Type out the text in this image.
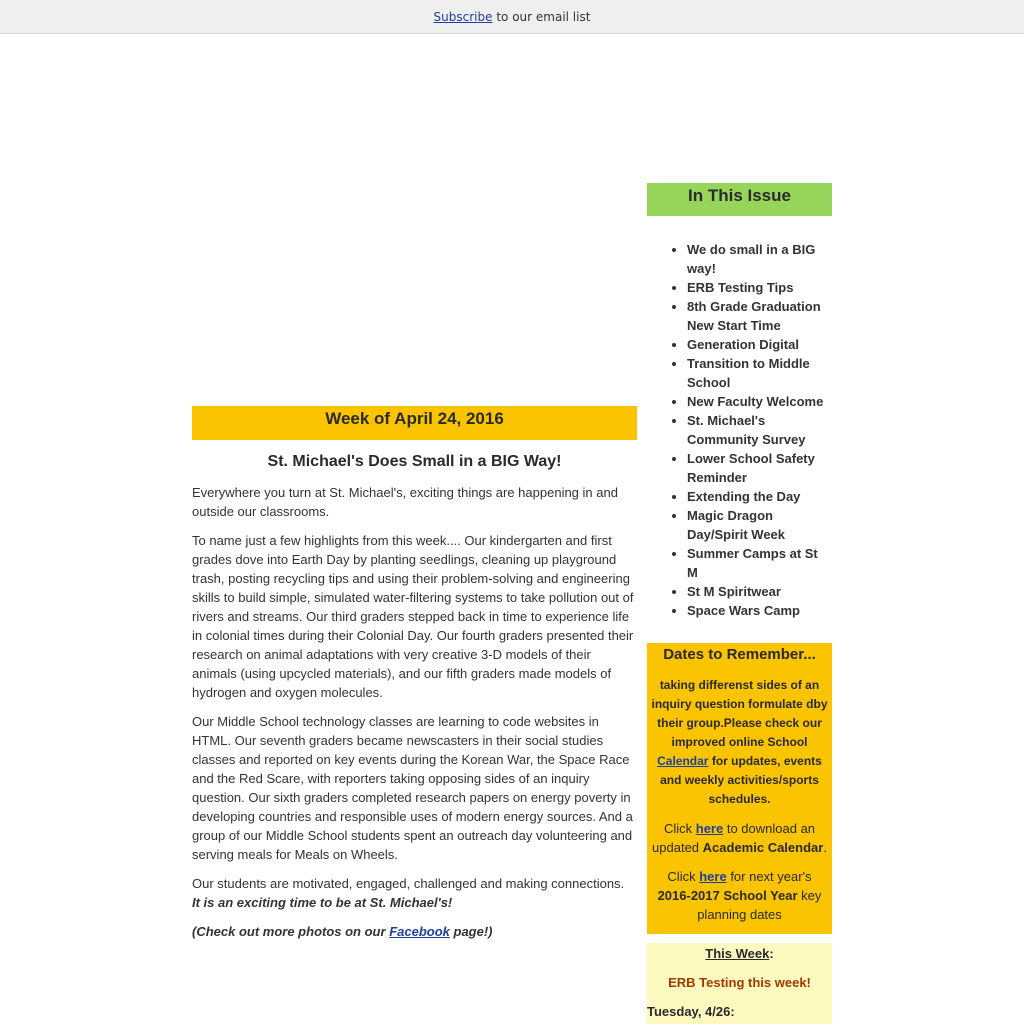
Subscribe to our email list
Week of April 24, 2016
St. Michael's Does Small in a BIG Way!

Everywhere you turn at St. Michael's, exciting things are happening in and outside our classrooms.

To name just a few highlights from this week.... Our kindergarten and first grades dove into Earth Day by planting seedlings, cleaning up playground trash, posting recycling tips and using their problem-solving and engineering skills to build simple, simulated water-filtering systems to take pollution out of rivers and streams. Our third graders stepped back in time to experience life in colonial times during their Colonial Day. Our fourth graders presented their research on animal adaptations with very creative 3-D models of their animals (using upcycled materials), and our fifth graders made models of hydrogen and oxygen molecules.

Our Middle School technology classes are learning to code websites in HTML. Our seventh graders became newscasters in their social studies classes and reported on key events during the Korean War, the Space Race and the Red Scare, with reporters taking opposing sides of an inquiry question. Our sixth graders completed research papers on energy poverty in developing countries and responsible uses of modern energy sources. And a group of our Middle School students spent an outreach day volunteering and serving meals for Meals on Wheels.

Our students are motivated, engaged, challenged and making connections.
It is an exciting time to be at St. Michael's!

(Check out more photos on our Facebook page!)

In This Issue
• We do small in a BIG way!
• ERB Testing Tips
• 8th Grade Graduation New Start Time
• Generation Digital
• Transition to Middle School
• New Faculty Welcome
• St. Michael's Community Survey
• Lower School Safety Reminder
• Extending the Day
• Magic Dragon Day/Spirit Week
• Summer Camps at St M
• St M Spiritwear
• Space Wars Camp
Dates to Remember...
taking differenst sides of an inquiry question formulate dby their group.Please check our improved online School Calendar for updates, events and weekly activities/sports schedules.
Click here to download an updated Academic Calendar.
Click here for next year's 2016-2017 School Year key planning dates
This Week:
ERB Testing this week!
Tuesday, 4/26:
